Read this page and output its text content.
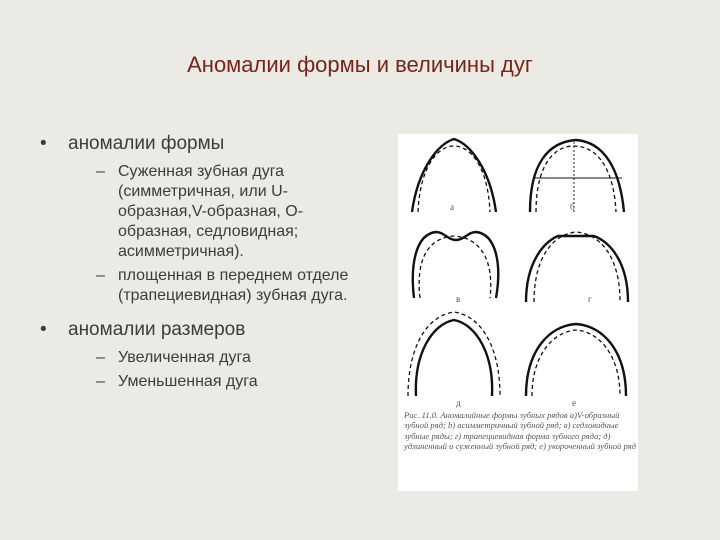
Аномалии формы и величины дуг
•	аномалии формы
– Суженная зубная дуга (симметричная, или U-образная,V-образная, O-образная, седловидная; асимметричная).
– площенная в переднем отделе (трапециевидная) зубная дуга.
•	аномалии размеров
– Увеличенная дуга
– Уменьшенная дуга
а	б
в	г
д	е
Рис. 11.0. Аномалийные формы зубных рядов а)V-образный зубной ряд; b) асимметричный зубной ряд; в) седловидные зубные ряды; г) трапециевидная форма зубного ряда; д) удлиненный и суженный зубной ряд; е) укороченный зубной ряд
